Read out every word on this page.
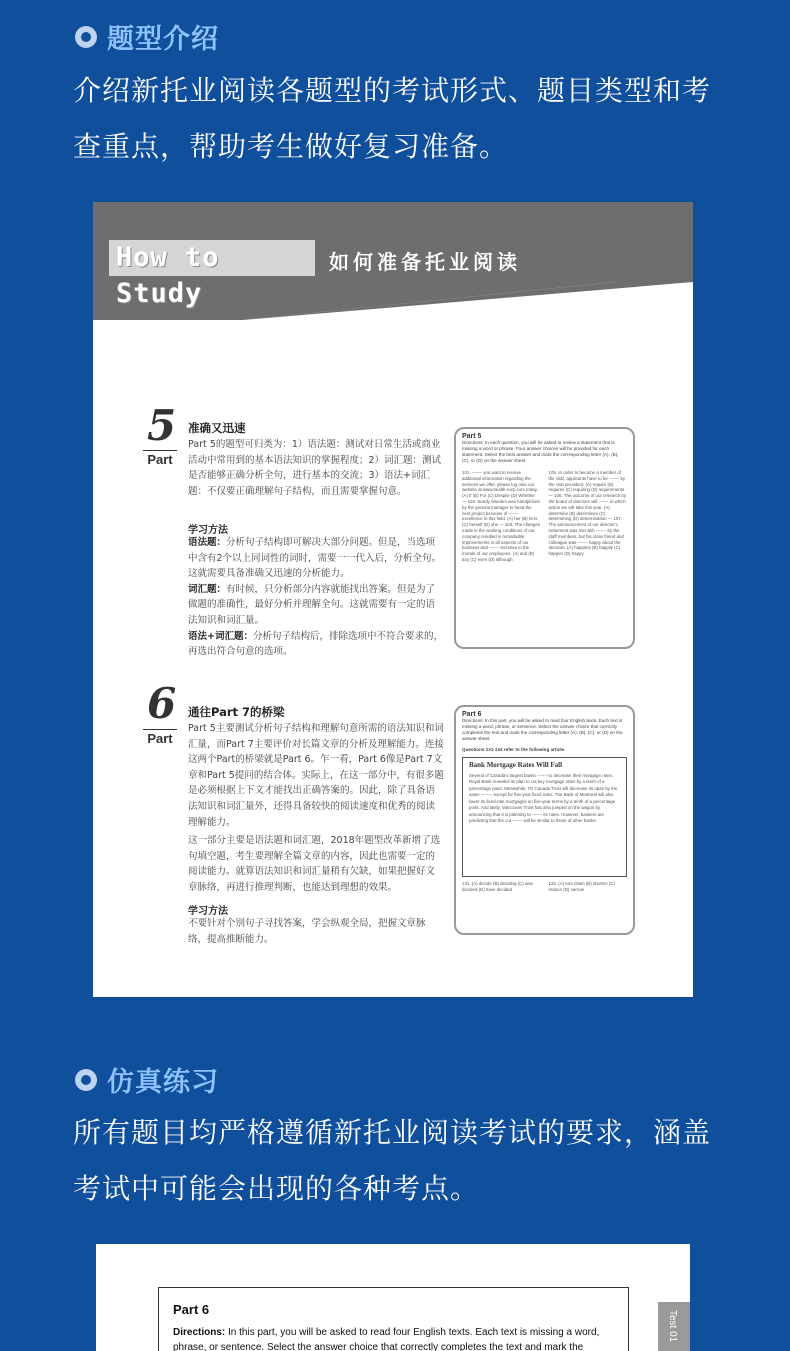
题型介绍
介绍新托业阅读各题型的考试形式、题目类型和考查重点，帮助考生做好复习准备。
How to Study
如何准备托业阅读
5
Part
准确又迅速
Part 5的题型可归类为：1）语法题：测试对日常生活或商业活动中常用到的基本语法知识的掌握程度；2）词汇题：测试是否能够正确分析全句，进行基本的交流；3）语法+词汇题：不仅要正确理解句子结构，而且需要掌握句意。
学习方法
语法题：分析句子结构即可解决大部分问题。但是，当选项中含有2个以上同词性的词时，需要一一代入后，分析全句。这就需要具备准确又迅速的分析能力。
词汇题：有时候，只分析部分内容就能找出答案。但是为了做题的准确性，最好分析并理解全句。这就需要有一定的语法知识和词汇量。
语法+词汇题：分析句子结构后，排除选项中不符合要求的，再选出符合句意的选项。
Part 5
Directions: In each question, you will be asked to review a statement that is missing a word or phrase. Four answer choices will be provided for each statement. Select the best answer and mark the corresponding letter (A), (B), (C), or (D) on the answer sheet.
101. ------- you want to receive additional information regarding the services we offer, please log onto our website at www.health-corp.com today. (A) If (B) For (C) Despite (D) Whether — 102. Sandy Sweden was handpicked by the general manager to head the next project because of ------- excellence in this field. (A) her (B) hers (C) herself (D) she — 103. The changes made in the working conditions of our company resulted in remarkable improvements in all aspects of our business and ------- increase in the morale of our employees. (A) and (B) any (C) even (D) although
105. In order to become a member of the club, applicants have to be ------- by the club president. (A) require (B) requires (C) requiring (D) requirements — 106. The outcome of our research by the board of directors will ------- in which action we will take this year. (A) determine (B) determines (C) determining (D) determination — 107. The announcement of our director's retirement was met with ------- by the staff members, but his close friend and colleague was ------- happy about the decision. (A) happiest (B) happily (C) happier (D) happy
6
Part
通往Part 7的桥梁
Part 5主要测试分析句子结构和理解句意所需的语法知识和词汇量，而Part 7主要评价对长篇文章的分析及理解能力。连接这两个Part的桥梁就是Part 6。乍一看，Part 6像是Part 7文章和Part 5提问的结合体。实际上，在这一部分中，有很多题是必须根据上下文才能找出正确答案的。因此，除了具备语法知识和词汇量外，还得具备较快的阅读速度和优秀的阅读理解能力。
这一部分主要是语法题和词汇题，2018年题型改革新增了选句填空题，考生要理解全篇文章的内容，因此也需要一定的阅读能力。就算语法知识和词汇量稍有欠缺，如果把握好文章脉络，再进行推理判断，也能达到理想的效果。
学习方法
不要针对个别句子寻找答案，学会纵观全局，把握文章脉络，提高推断能力。
Part 6
Directions: In this part, you will be asked to read four English texts. Each text is missing a word, phrase, or sentence. Select the answer choice that correctly completes the text and mark the corresponding letter (A), (B), (C), or (D) on the answer sheet.
Questions 131-134 refer to the following article.
Bank Mortgage Rates Will Fall
Several of Canada's largest banks ------- to decrease their mortgage rates. Royal Bank revealed its plan to cut key mortgage rates by a tenth of a percentage point. Meanwhile, TD Canada Trust will decrease its rates by the same -------, except for five-year fixed rates. The Bank of Montreal will also lower its fixed-rate mortgages on five-year terms by a tenth of a percentage point. And lastly, Vancouver Trust has also jumped on the wagon by announcing that it is planning to ------- its rates. However, bankers are predicting that the cut ------- will be similar to those of other banks.
131. (A) decide (B) deciding (C) was decided (D) have decided
133. (A) turn down (B) shorten (C) reduce (D) narrow
仿真练习
所有题目均严格遵循新托业阅读考试的要求，涵盖考试中可能会出现的各种考点。
Part 6
Directions: In this part, you will be asked to read four English texts. Each text is missing a word, phrase, or sentence. Select the answer choice that correctly completes the text and mark the
Test 01
